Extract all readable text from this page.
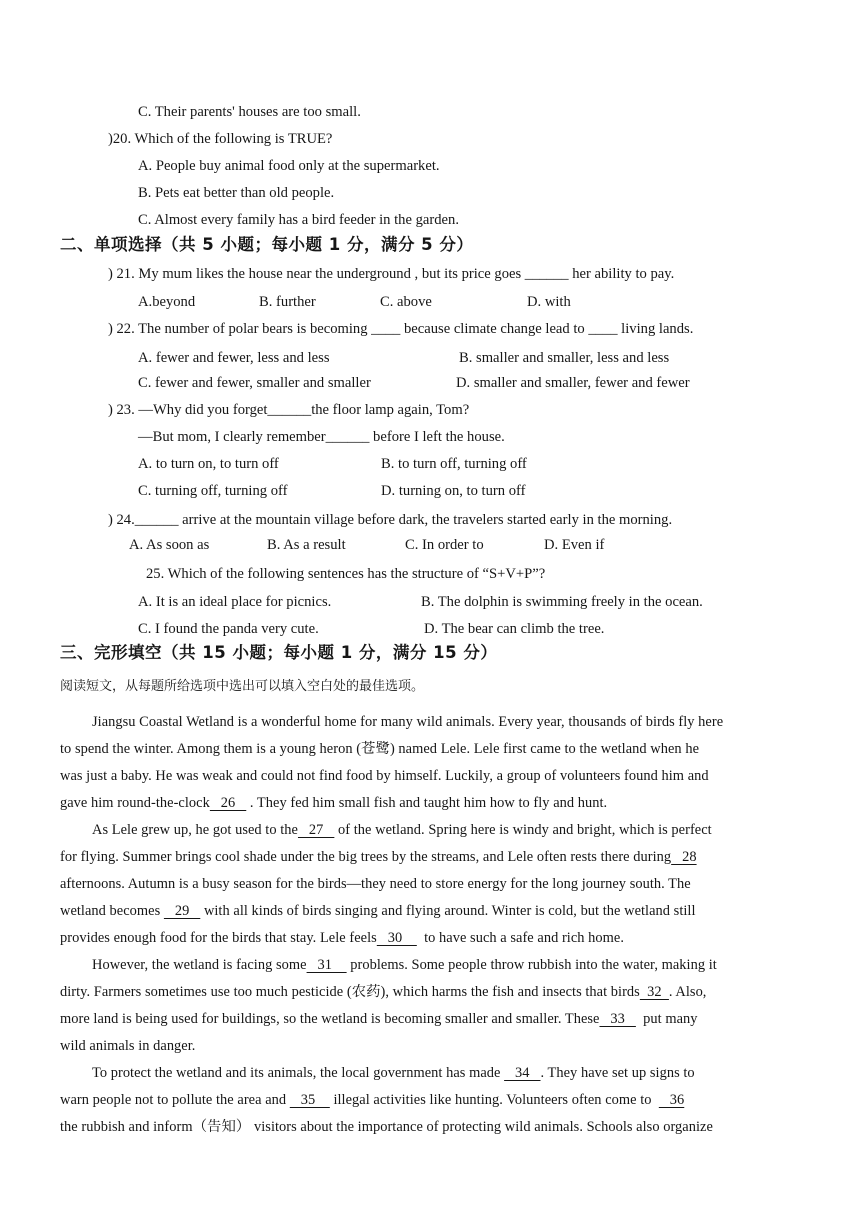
C. Their parents' houses are too small.
)20. Which of the following is TRUE?
A. People buy animal food only at the supermarket.
B. Pets eat better than old people.
C. Almost every family has a bird feeder in the garden.
二、单项选择（共 5 小题；每小题 1 分，满分 5 分）
) 21. My mum likes the house near the underground , but its price goes ______ her ability to pay.
A.beyond	B. further	C. above	D. with
) 22. The number of polar bears is becoming ____ because climate change lead to ____ living lands.
A. fewer and fewer, less and less	B. smaller and smaller, less and less
C. fewer and fewer, smaller and smaller	D. smaller and smaller, fewer and fewer
) 23. —Why did you forget______the floor lamp again, Tom?
—But mom, I clearly remember______ before I left the house.
A. to turn on, to turn off	B. to turn off, turning off
C. turning off, turning off	D. turning on, to turn off
) 24.______ arrive at the mountain village before dark, the travelers started early in the morning.
A. As soon as	B. As a result	C. In order to	D. Even if
25. Which of the following sentences has the structure of “S+V+P”?
A. It is an ideal place for picnics.	B. The dolphin is swimming freely in the ocean.
C. I found the panda very cute.	D. The bear can climb the tree.
三、完形填空（共 15 小题；每小题 1 分，满分 15 分）
阅读短文，从每题所给选项中选出可以填入空白处的最佳选项。
Jiangsu Coastal Wetland is a wonderful home for many wild animals. Every year, thousands of birds fly here
to spend the winter. Among them is a young heron (苍鹭) named Lele. Lele first came to the wetland when he
was just a baby. He was weak and could not find food by himself. Luckily, a group of volunteers found him and
gave him round-the-clock   26    . They fed him small fish and taught him how to fly and hunt.
As Lele grew up, he got used to the   27    of the wetland. Spring here is windy and bright, which is perfect
for flying. Summer brings cool shade under the big trees by the streams, and Lele often rests there during   28
afternoons. Autumn is a busy season for the birds—they need to store energy for the long journey south. The
wetland becomes    29    with all kinds of birds singing and flying around. Winter is cold, but the wetland still
provides enough food for the birds that stay. Lele feels   30      to have such a safe and rich home.
However, the wetland is facing some   31     problems. Some people throw rubbish into the water, making it
dirty. Farmers sometimes use too much pesticide (农药), which harms the fish and insects that birds  32  . Also,
more land is being used for buildings, so the wetland is becoming smaller and smaller. These   33     put many
wild animals in danger.
To protect the wetland and its animals, the local government has made    34   . They have set up signs to
warn people not to pollute the area and    35     illegal activities like hunting. Volunteers often come to     36
the rubbish and inform（告知） visitors about the importance of protecting wild animals. Schools also organize
